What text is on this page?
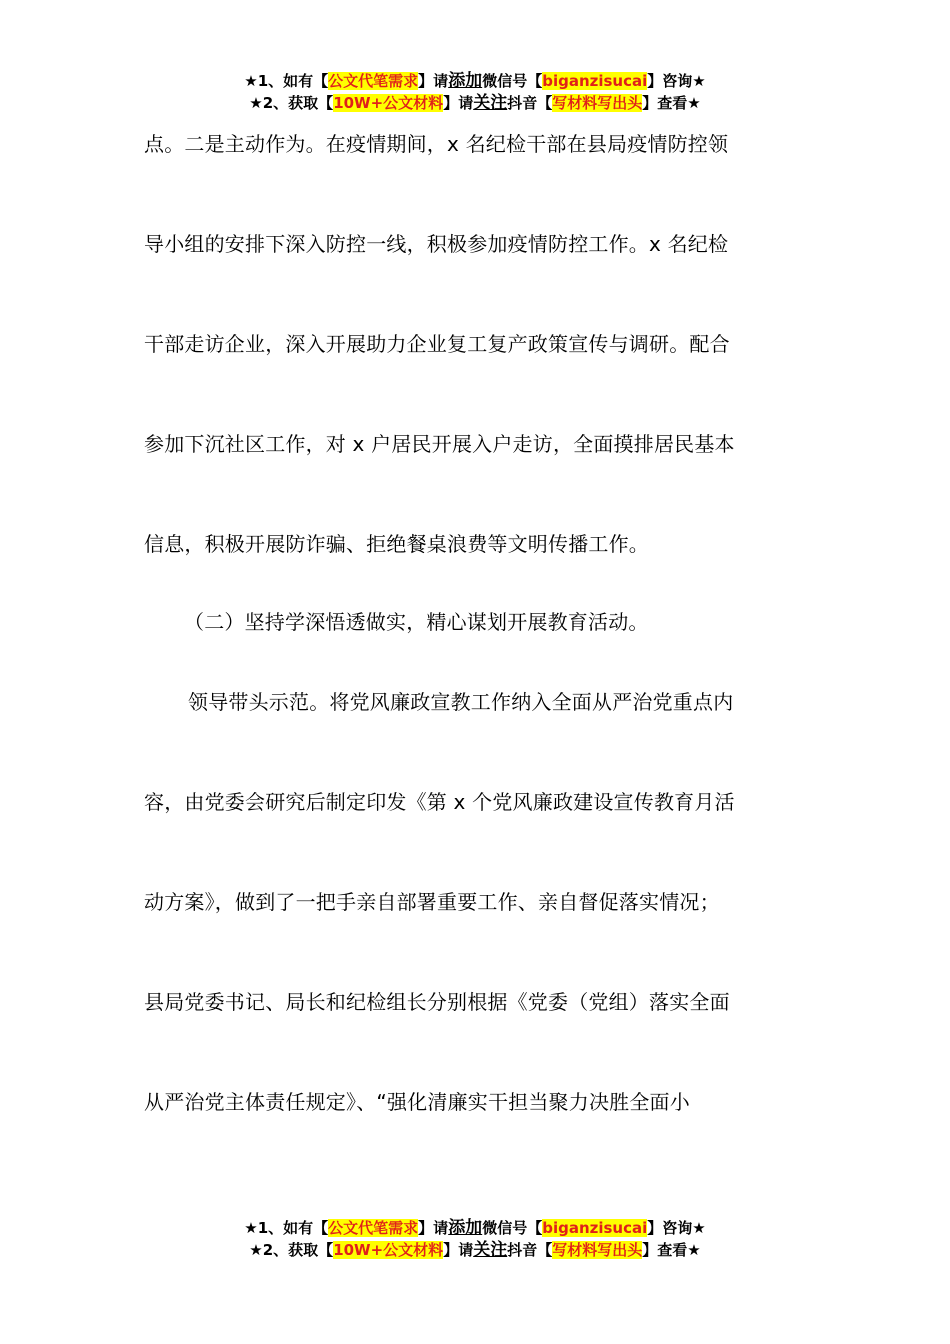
★1、如有【公文代笔需求】请添加微信号【biganzisucai】咨询★
★2、获取【10W+公文材料】请关注抖音【写材料写出头】查看★
点。二是主动作为。在疫情期间，x 名纪检干部在县局疫情防控领
导小组的安排下深入防控一线，积极参加疫情防控工作。x 名纪检
干部走访企业，深入开展助力企业复工复产政策宣传与调研。配合
参加下沉社区工作，对 x 户居民开展入户走访，全面摸排居民基本
信息，积极开展防诈骗、拒绝餐桌浪费等文明传播工作。
（二）坚持学深悟透做实，精心谋划开展教育活动。
领导带头示范。将党风廉政宣教工作纳入全面从严治党重点内
容，由党委会研究后制定印发《第 x 个党风廉政建设宣传教育月活
动方案》，做到了一把手亲自部署重要工作、亲自督促落实情况；
县局党委书记、局长和纪检组长分别根据《党委（党组）落实全面
从严治党主体责任规定》、“强化清廉实干担当聚力决胜全面小
★1、如有【公文代笔需求】请添加微信号【biganzisucai】咨询★
★2、获取【10W+公文材料】请关注抖音【写材料写出头】查看★
